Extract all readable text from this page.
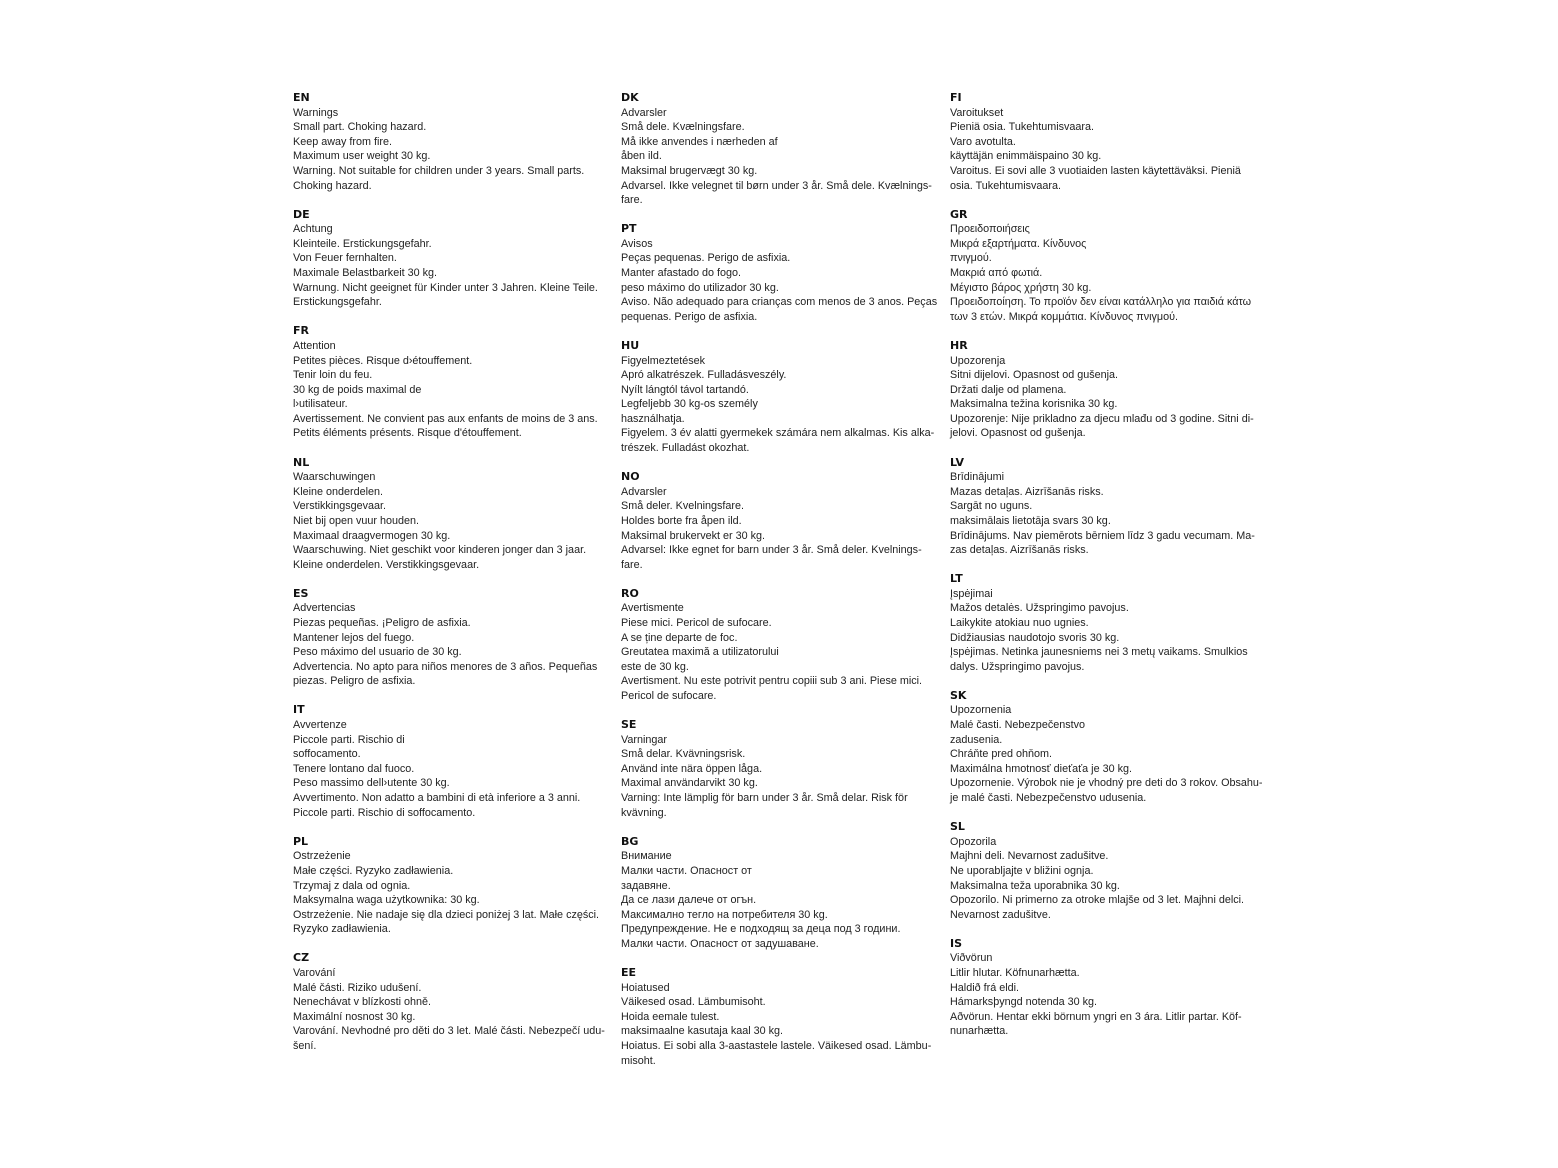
EN
Warnings
Small part. Choking hazard.
Keep away from fire.
Maximum user weight 30 kg.
Warning. Not suitable for children under 3 years. Small parts.
Choking hazard.
DE
Achtung
Kleinteile. Erstickungsgefahr.
Von Feuer fernhalten.
Maximale Belastbarkeit 30 kg.
Warnung. Nicht geeignet für Kinder unter 3 Jahren. Kleine Teile.
Erstickungsgefahr.
FR
Attention
Petites pièces. Risque d›étouffement.
Tenir loin du feu.
30 kg de poids maximal de
l›utilisateur.
Avertissement. Ne convient pas aux enfants de moins de 3 ans.
Petits éléments présents. Risque d'étouffement.
NL
Waarschuwingen
Kleine onderdelen.
Verstikkingsgevaar.
Niet bij open vuur houden.
Maximaal draagvermogen 30 kg.
Waarschuwing. Niet geschikt voor kinderen jonger dan 3 jaar.
Kleine onderdelen. Verstikkingsgevaar.
ES
Advertencias
Piezas pequeñas. ¡Peligro de asfixia.
Mantener lejos del fuego.
Peso máximo del usuario de 30 kg.
Advertencia. No apto para niños menores de 3 años. Pequeñas
piezas. Peligro de asfixia.
IT
Avvertenze
Piccole parti. Rischio di
soffocamento.
Tenere lontano dal fuoco.
Peso massimo dell›utente 30 kg.
Avvertimento. Non adatto a bambini di età inferiore a 3 anni.
Piccole parti. Rischio di soffocamento.
PL
Ostrzeżenie
Małe części. Ryzyko zadławienia.
Trzymaj z dala od ognia.
Maksymalna waga użytkownika: 30 kg.
Ostrzeżenie. Nie nadaje się dla dzieci poniżej 3 lat. Małe części.
Ryzyko zadławienia.
CZ
Varování
Malé části. Riziko udušení.
Nenechávat v blízkosti ohně.
Maximální nosnost 30 kg.
Varování. Nevhodné pro děti do 3 let. Malé části. Nebezpečí udu-
šení.
DK
Advarsler
Små dele. Kvælningsfare.
Må ikke anvendes i nærheden af
åben ild.
Maksimal brugervægt 30 kg.
Advarsel. Ikke velegnet til børn under 3 år. Små dele. Kvælnings-
fare.
PT
Avisos
Peças pequenas. Perigo de asfixia.
Manter afastado do fogo.
peso máximo do utilizador 30 kg.
Aviso. Não adequado para crianças com menos de 3 anos. Peças
pequenas. Perigo de asfixia.
HU
Figyelmeztetések
Apró alkatrészek. Fulladásveszély.
Nyílt lángtól távol tartandó.
Legfeljebb 30 kg-os személy
használhatja.
Figyelem. 3 év alatti gyermekek számára nem alkalmas. Kis alka-
trészek. Fulladást okozhat.
NO
Advarsler
Små deler. Kvelningsfare.
Holdes borte fra åpen ild.
Maksimal brukervekt er 30 kg.
Advarsel: Ikke egnet for barn under 3 år. Små deler. Kvelnings-
fare.
RO
Avertismente
Piese mici. Pericol de sufocare.
A se ține departe de foc.
Greutatea maximă a utilizatorului
este de 30 kg.
Avertisment. Nu este potrivit pentru copiii sub 3 ani. Piese mici.
Pericol de sufocare.
SE
Varningar
Små delar. Kvävningsrisk.
Använd inte nära öppen låga.
Maximal användarvikt 30 kg.
Varning: Inte lämplig för barn under 3 år. Små delar. Risk för
kvävning.
BG
Внимание
Малки части. Опасност от
задавяне.
Да се лази далече от огън.
Максимално тегло на потребителя 30 kg.
Предупреждение. Не е подходящ за деца под 3 години.
Малки части. Опасност от задушаване.
EE
Hoiatused
Väikesed osad. Lämbumisoht.
Hoida eemale tulest.
maksimaalne kasutaja kaal 30 kg.
Hoiatus. Ei sobi alla 3-aastastele lastele. Väikesed osad. Lämbu-
misoht.
FI
Varoitukset
Pieniä osia. Tukehtumisvaara.
Varo avotulta.
käyttäjän enimmäispaino 30 kg.
Varoitus. Ei sovi alle 3 vuotiaiden lasten käytettäväksi. Pieniä
osia. Tukehtumisvaara.
GR
Προειδοποιήσεις
Μικρά εξαρτήματα. Κίνδυνος
πνιγμού.
Μακριά από φωτιά.
Μέγιστο βάρος χρήστη 30 kg.
Προειδοποίηση. Το προϊόν δεν είναι κατάλληλο για παιδιά κάτω
των 3 ετών. Μικρά κομμάτια. Κίνδυνος πνιγμού.
HR
Upozorenja
Sitni dijelovi. Opasnost od gušenja.
Držati dalje od plamena.
Maksimalna težina korisnika 30 kg.
Upozorenje: Nije prikladno za djecu mlađu od 3 godine. Sitni di-
jelovi. Opasnost od gušenja.
LV
Brīdinājumi
Mazas detaļas. Aizrīšanās risks.
Sargāt no uguns.
maksimālais lietotāja svars 30 kg.
Brīdinājums. Nav piemērots bērniem līdz 3 gadu vecumam. Ma-
zas detaļas. Aizrīšanās risks.
LT
Įspėjimai
Mažos detalės. Užspringimo pavojus.
Laikykite atokiau nuo ugnies.
Didžiausias naudotojo svoris 30 kg.
Įspėjimas. Netinka jaunesniems nei 3 metų vaikams. Smulkios
dalys. Užspringimo pavojus.
SK
Upozornenia
Malé časti. Nebezpečenstvo
zadusenia.
Chráňte pred ohňom.
Maximálna hmotnosť dieťaťa je 30 kg.
Upozornenie. Výrobok nie je vhodný pre deti do 3 rokov. Obsahu-
je malé časti. Nebezpečenstvo udusenia.
SL
Opozorila
Majhni deli. Nevarnost zadušitve.
Ne uporabljajte v bližini ognja.
Maksimalna teža uporabnika 30 kg.
Opozorilo. Ni primerno za otroke mlajše od 3 let. Majhni delci.
Nevarnost zadušitve.
IS
Viðvörun
Litlir hlutar. Köfnunarhætta.
Haldið frá eldi.
Hámarksþyngd notenda 30 kg.
Aðvörun. Hentar ekki börnum yngri en 3 ára. Litlir partar. Köf-
nunarhætta.
